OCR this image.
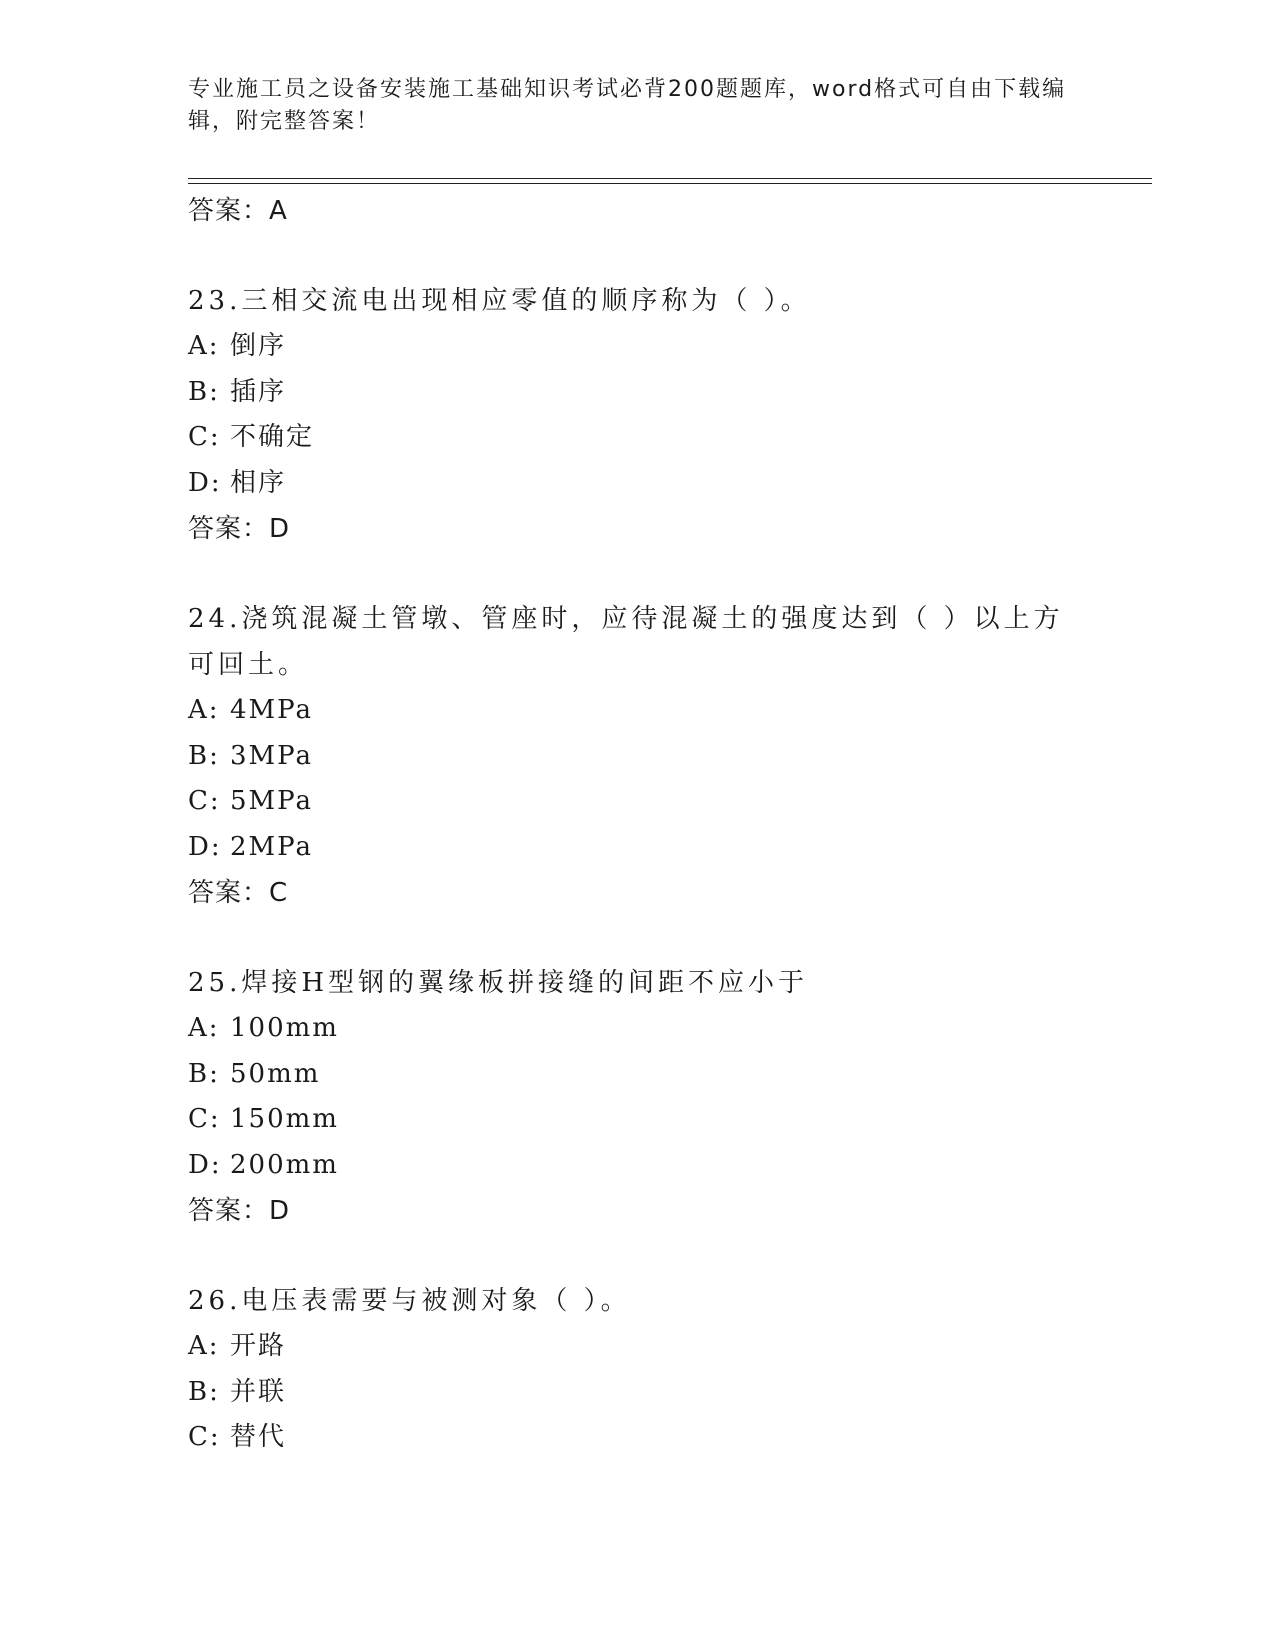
专业施工员之设备安装施工基础知识考试必背200题题库，word格式可自由下载编辑，附完整答案！
答案：A
23.三相交流电出现相应零值的顺序称为（ ）。
A: 倒序
B: 插序
C: 不确定
D: 相序
答案：D
24.浇筑混凝土管墩、管座时，应待混凝土的强度达到（ ）以上方可回土。
A: 4MPa
B: 3MPa
C: 5MPa
D: 2MPa
答案：C
25.焊接H型钢的翼缘板拼接缝的间距不应小于
A: 100mm
B: 50mm
C: 150mm
D: 200mm
答案：D
26.电压表需要与被测对象（ ）。
A: 开路
B: 并联
C: 替代
